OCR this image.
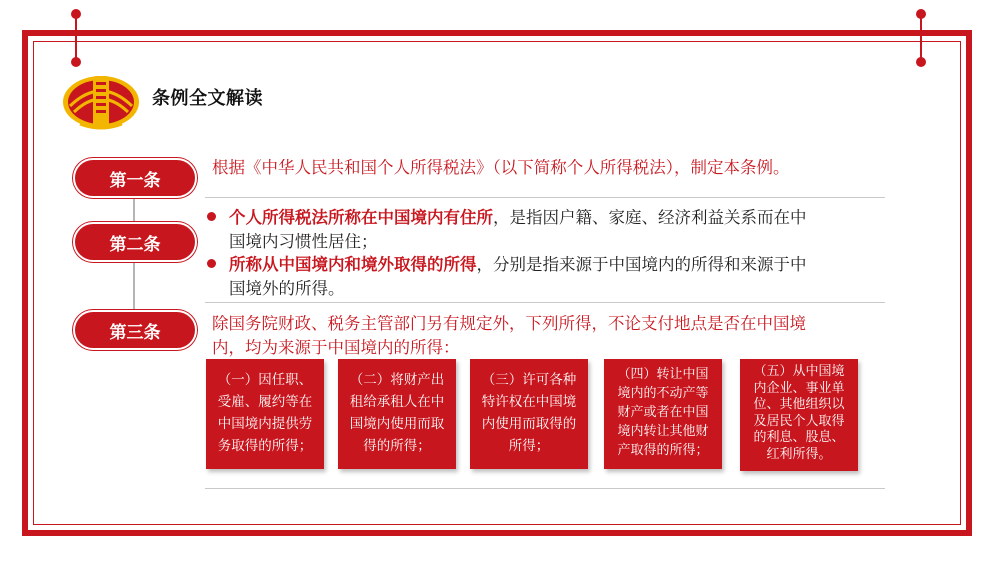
条例全文解读
第一条
第二条
第三条
根据《中华人民共和国个人所得税法》（以下简称个人所得税法），制定本条例。
个人所得税法所称在中国境内有住所，是指因户籍、家庭、经济利益关系而在中
国境内习惯性居住；
所称从中国境内和境外取得的所得，分别是指来源于中国境内的所得和来源于中
国境外的所得。
除国务院财政、税务主管部门另有规定外，下列所得，不论支付地点是否在中国境
内，均为来源于中国境内的所得：
（一）因任职、
受雇、履约等在
中国境内提供劳
务取得的所得；
（二）将财产出
租给承租人在中
国境内使用而取
得的所得；
（三）许可各种
特许权在中国境
内使用而取得的
所得；
（四）转让中国
境内的不动产等
财产或者在中国
境内转让其他财
产取得的所得；
（五）从中国境
内企业、事业单
位、其他组织以
及居民个人取得
的利息、股息、
红利所得。
